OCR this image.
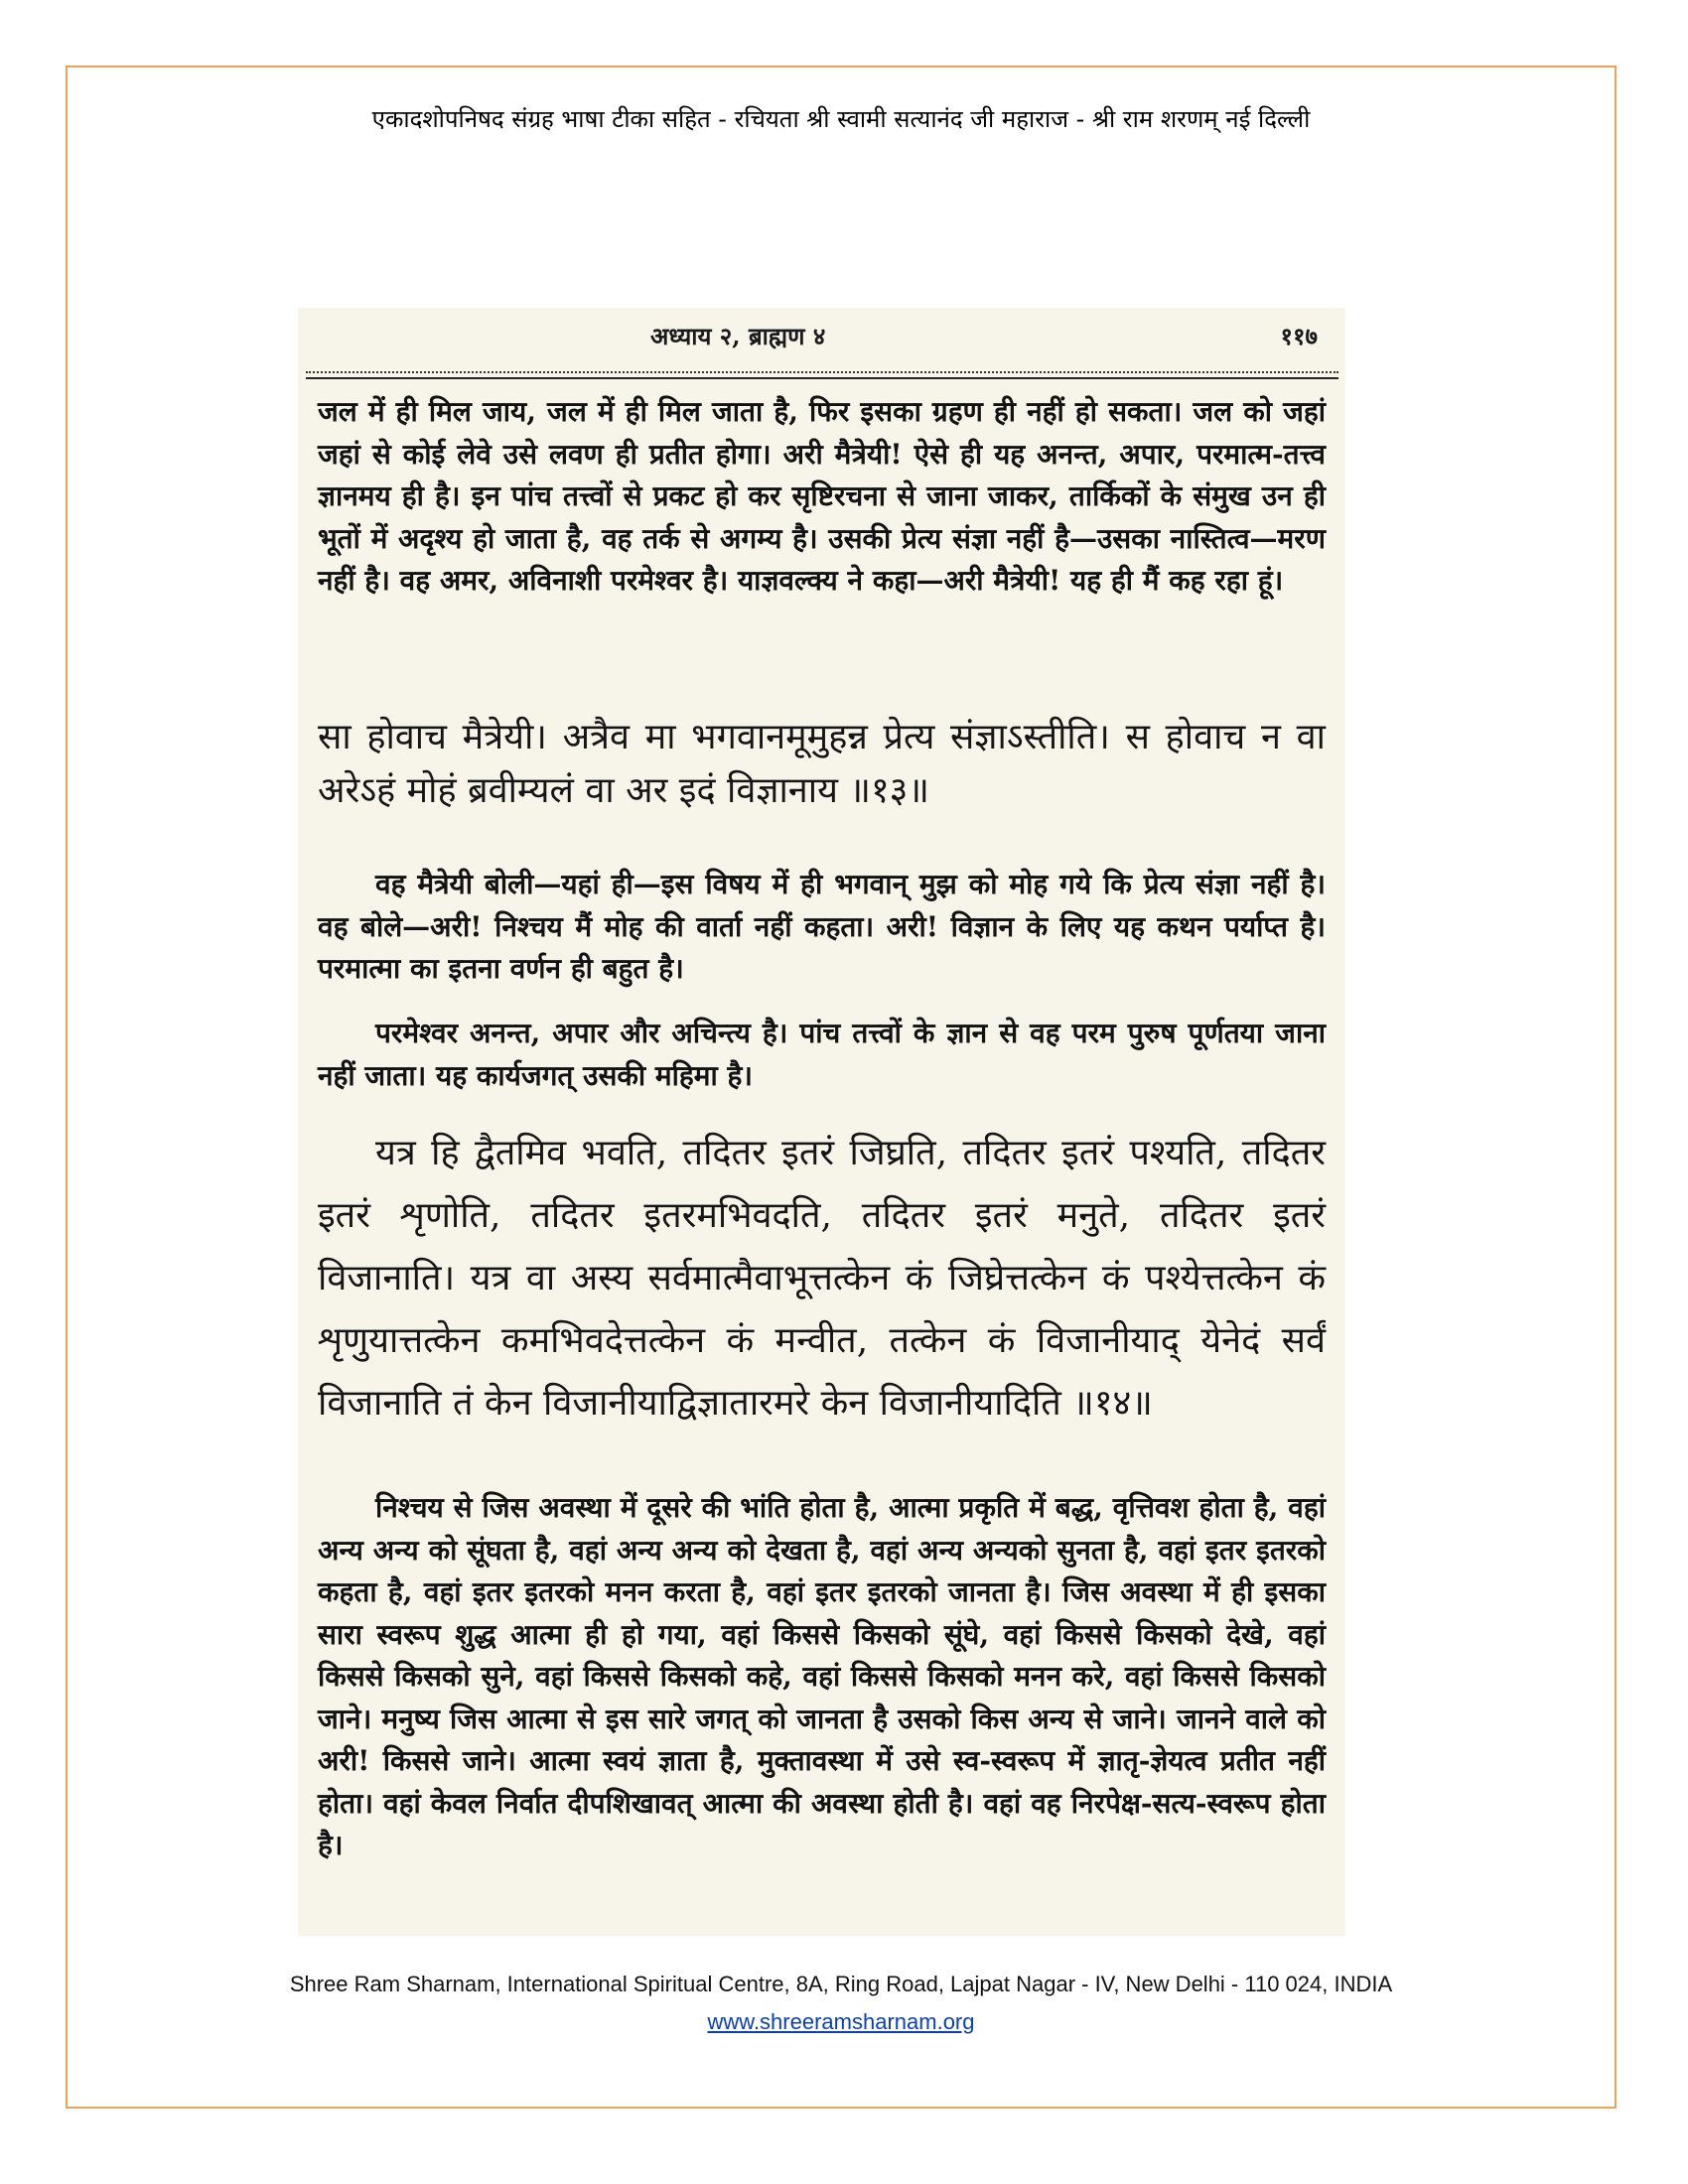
एकादशोपनिषद संग्रह भाषा टीका सहित - रचियता श्री स्वामी सत्यानंद जी महाराज - श्री राम शरणम् नई दिल्ली
अध्याय २, ब्राह्मण ४	११७

जल में ही मिल जाय, जल में ही मिल जाता है, फिर इसका ग्रहण ही नहीं हो सकता। जल को जहां जहां से कोई लेवे उसे लवण ही प्रतीत होगा। अरी मैत्रेयी! ऐसे ही यह अनन्त, अपार, परमात्म-तत्त्व ज्ञानमय ही है। इन पांच तत्त्वों से प्रकट हो कर सृष्टिरचना से जाना जाकर, तार्किकों के संमुख उन ही भूतों में अदृश्य हो जाता है, वह तर्क से अगम्य है। उसकी प्रेत्य संज्ञा नहीं है—उसका नास्तित्व—मरण नहीं है। वह अमर, अविनाशी परमेश्वर है। याज्ञवल्क्य ने कहा—अरी मैत्रेयी! यह ही मैं कह रहा हूं।

सा होवाच मैत्रेयी। अत्रैव मा भगवानमूमुहन्न प्रेत्य संज्ञाऽस्तीति। स होवाच न वा अरेऽहं मोहं ब्रवीम्यलं वा अर इदं विज्ञानाय ॥१३॥

वह मैत्रेयी बोली—यहां ही—इस विषय में ही भगवान् मुझ को मोह गये कि प्रेत्य संज्ञा नहीं है। वह बोले—अरी! निश्चय मैं मोह की वार्ता नहीं कहता। अरी! विज्ञान के लिए यह कथन पर्याप्त है। परमात्मा का इतना वर्णन ही बहुत है।

परमेश्वर अनन्त, अपार और अचिन्त्य है। पांच तत्त्वों के ज्ञान से वह परम पुरुष पूर्णतया जाना नहीं जाता। यह कार्यजगत् उसकी महिमा है।

यत्र हि द्वैतमिव भवति, तदितर इतरं जिघ्रति, तदितर इतरं पश्यति, तदितर इतरं शृणोति, तदितर इतरमभिवदति, तदितर इतरं मनुते, तदितर इतरं विजानाति। यत्र वा अस्य सर्वमात्मैवाभूत्तत्केन कं जिघ्रेत्तत्केन कं पश्येत्तत्केन कं शृणुयात्तत्केन कमभिवदेत्तत्केन कं मन्वीत, तत्केन कं विजानीयाद् येनेदं सर्वं विजानाति तं केन विजानीयाद्विज्ञातारमरे केन विजानीयादिति ॥१४॥

निश्चय से जिस अवस्था में दूसरे की भांति होता है, आत्मा प्रकृति में बद्ध, वृत्तिवश होता है, वहां अन्य अन्य को सूंघता है, वहां अन्य अन्य को देखता है, वहां अन्य अन्यको सुनता है, वहां इतर इतरको कहता है, वहां इतर इतरको मनन करता है, वहां इतर इतरको जानता है। जिस अवस्था में ही इसका सारा स्वरूप शुद्ध आत्मा ही हो गया, वहां किससे किसको सूंघे, वहां किससे किसको देखे, वहां किससे किसको सुने, वहां किससे किसको कहे, वहां किससे किसको मनन करे, वहां किससे किसको जाने। मनुष्य जिस आत्मा से इस सारे जगत् को जानता है उसको किस अन्य से जाने। जानने वाले को अरी! किससे जाने। आत्मा स्वयं ज्ञाता है, मुक्तावस्था में उसे स्व-स्वरूप में ज्ञातृ-ज्ञेयत्व प्रतीत नहीं होता। वहां केवल निर्वात दीपशिखावत् आत्मा की अवस्था होती है। वहां वह निरपेक्ष-सत्य-स्वरूप होता है।

Shree Ram Sharnam, International Spiritual Centre, 8A, Ring Road, Lajpat Nagar - IV, New Delhi - 110 024, INDIA
www.shreeramsharnam.org
